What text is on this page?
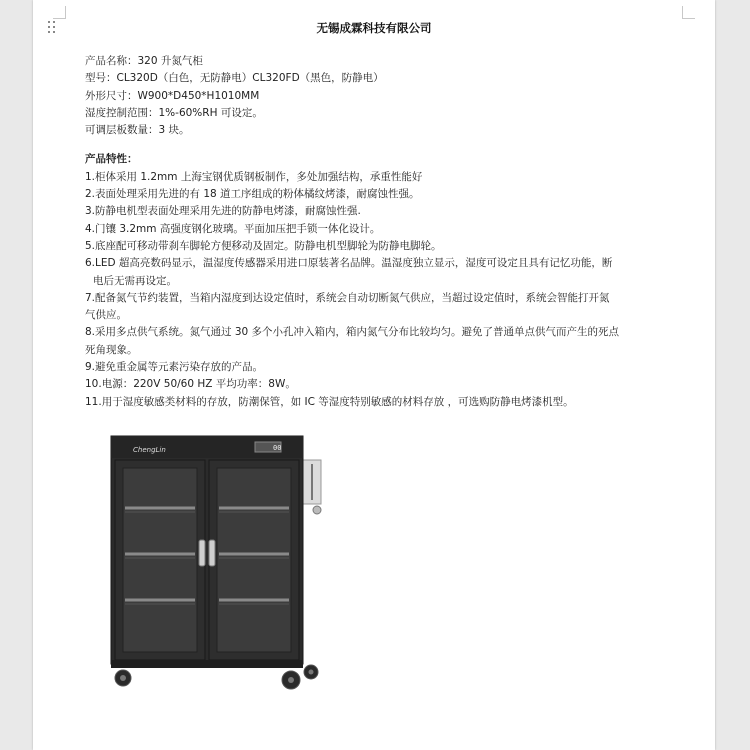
无锡成霖科技有限公司
产品名称：320 升氮气柜
型号：CL320D（白色，无防静电）CL320FD（黑色，防静电）
外形尺寸：W900*D450*H1010MM
湿度控制范围：1%-60%RH 可设定。
可调层板数量：3 块。
产品特性：
1.柜体采用 1.2mm 上海宝钢优质钢板制作，多处加强结构，承重性能好
2.表面处理采用先进的有 18 道工序组成的粉体橘纹烤漆，耐腐蚀性强。
3.防静电机型表面处理采用先进的防静电烤漆，耐腐蚀性强.
4.门镶 3.2mm 高强度钢化玻璃。平面加压把手锁一体化设计。
5.底座配可移动带刹车脚轮方便移动及固定。防静电机型脚轮为防静电脚轮。
6.LED 超高亮数码显示，温湿度传感器采用进口原装著名品牌。温湿度独立显示，湿度可设定且具有记忆功能，断
电后无需再设定。
7.配备氮气节约装置，当箱内湿度到达设定值时，系统会自动切断氮气供应，当超过设定值时，系统会智能打开氮
气供应。
8.采用多点供气系统。氮气通过 30 多个小孔冲入箱内，箱内氮气分布比较均匀。避免了普通单点供气而产生的死点
死角现象。
9.避免重金属等元素污染存放的产品。
10.电源：220V 50/60 HZ 平均功率：8W。
11.用于湿度敏感类材料的存放，防潮保管，如 IC 等湿度特别敏感的材料存放 ，可选购防静电烤漆机型。
ChengLin	00
